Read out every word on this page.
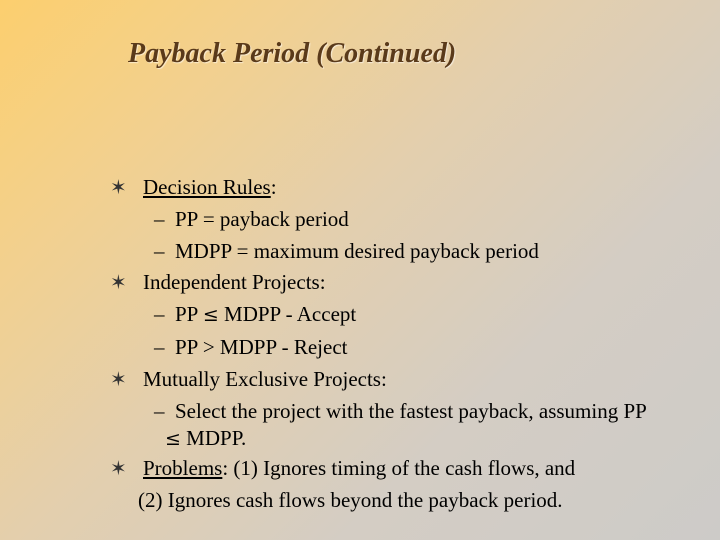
Payback Period (Continued)
✶ Decision Rules:
– PP = payback period
– MDPP = maximum desired payback period
✶ Independent Projects:
– PP ≤ MDPP - Accept
– PP > MDPP - Reject
✶ Mutually Exclusive Projects:
– Select the project with the fastest payback, assuming PP
≤ MDPP.
✶ Problems: (1) Ignores timing of the cash flows, and
(2) Ignores cash flows beyond the payback period.
